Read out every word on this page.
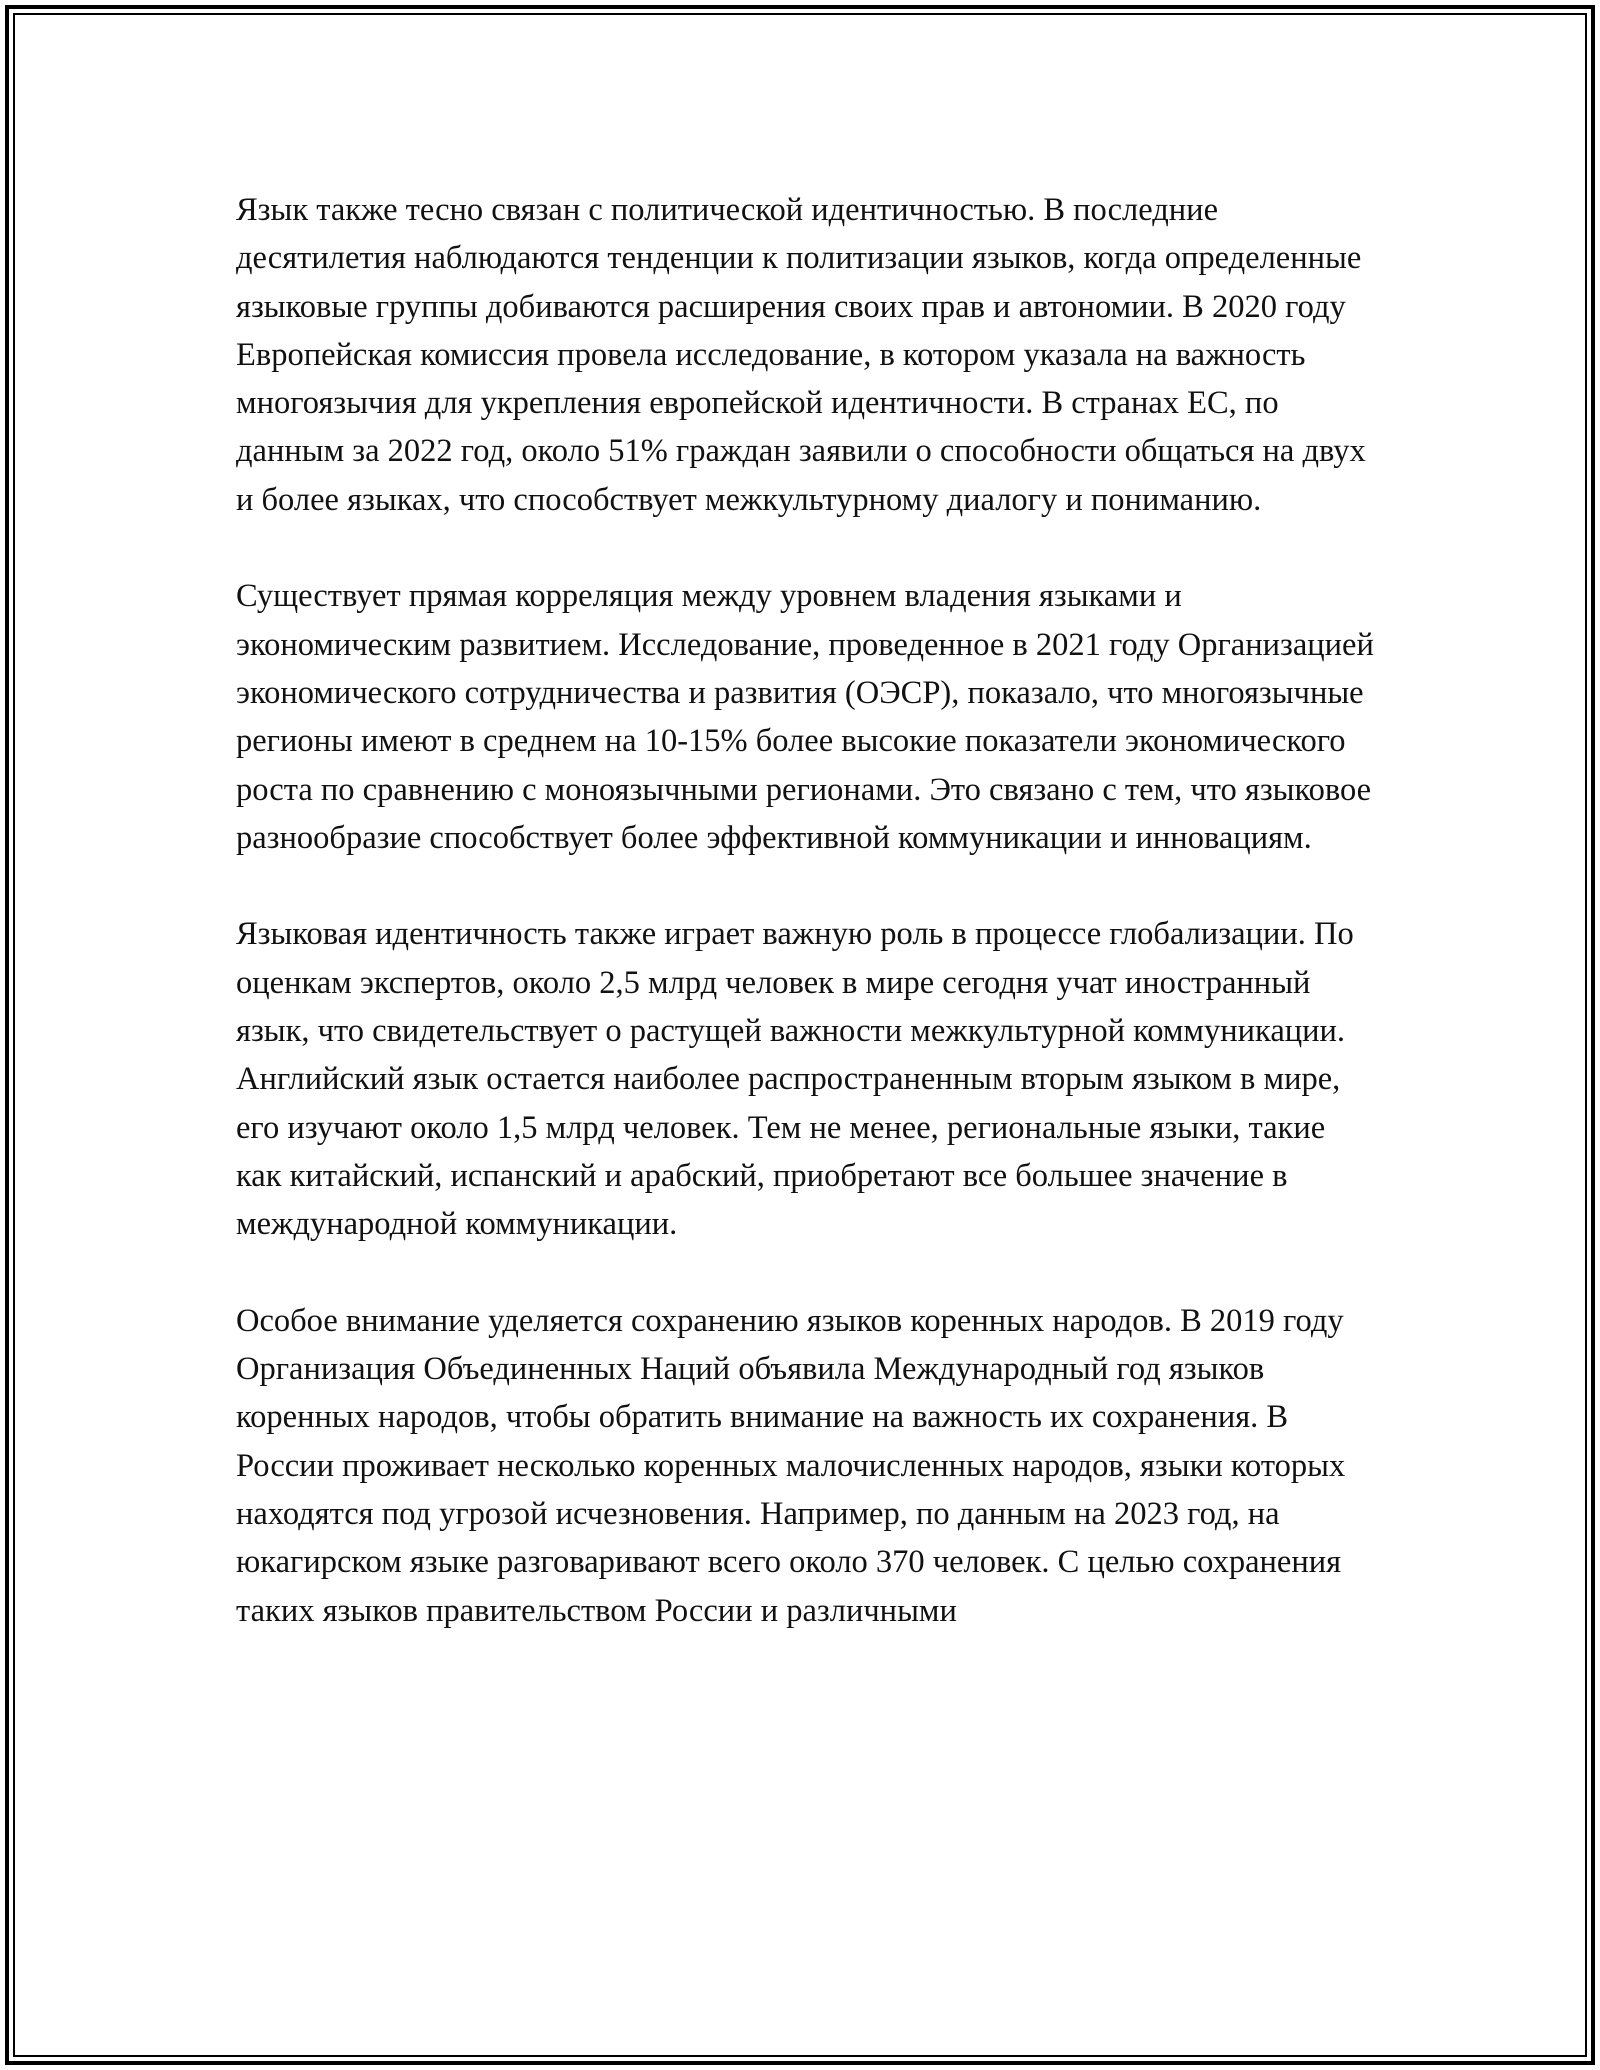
Язык также тесно связан с политической идентичностью. В последние десятилетия наблюдаются тенденции к политизации языков, когда определенные языковые группы добиваются расширения своих прав и автономии. В 2020 году Европейская комиссия провела исследование, в котором указала на важность многоязычия для укрепления европейской идентичности. В странах ЕС, по данным за 2022 год, около 51% граждан заявили о способности общаться на двух и более языках, что способствует межкультурному диалогу и пониманию.

Существует прямая корреляция между уровнем владения языками и экономическим развитием. Исследование, проведенное в 2021 году Организацией экономического сотрудничества и развития (ОЭСР), показало, что многоязычные регионы имеют в среднем на 10-15% более высокие показатели экономического роста по сравнению с моноязычными регионами. Это связано с тем, что языковое разнообразие способствует более эффективной коммуникации и инновациям.

Языковая идентичность также играет важную роль в процессе глобализации. По оценкам экспертов, около 2,5 млрд человек в мире сегодня учат иностранный язык, что свидетельствует о растущей важности межкультурной коммуникации. Английский язык остается наиболее распространенным вторым языком в мире, его изучают около 1,5 млрд человек. Тем не менее, региональные языки, такие как китайский, испанский и арабский, приобретают все большее значение в международной коммуникации.

Особое внимание уделяется сохранению языков коренных народов. В 2019 году Организация Объединенных Наций объявила Международный год языков коренных народов, чтобы обратить внимание на важность их сохранения. В России проживает несколько коренных малочисленных народов, языки которых находятся под угрозой исчезновения. Например, по данным на 2023 год, на юкагирском языке разговаривают всего около 370 человек. С целью сохранения таких языков правительством России и различными
